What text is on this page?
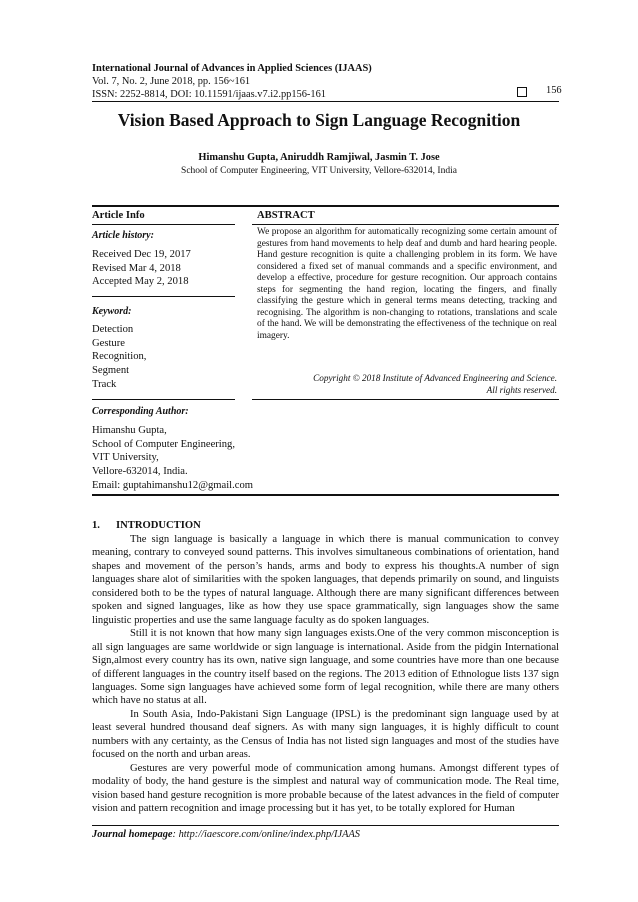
International Journal of Advances in Applied Sciences (IJAAS)
Vol. 7, No. 2, June 2018, pp. 156~161
ISSN: 2252-8814, DOI: 10.11591/ijaas.v7.i2.pp156-161	156
Vision Based Approach to Sign Language Recognition
Himanshu Gupta, Aniruddh Ramjiwal, Jasmin T. Jose
School of Computer Engineering, VIT University, Vellore-632014, India
Article Info
Article history:
Received Dec 19, 2017
Revised Mar 4, 2018
Accepted May 2, 2018
Keyword:
Detection
Gesture
Recognition,
Segment
Track
Corresponding Author:
Himanshu Gupta,
School of Computer Engineering,
VIT University,
Vellore-632014, India.
Email: guptahimanshu12@gmail.com
ABSTRACT
We propose an algorithm for automatically recognizing some certain amount of gestures from hand movements to help deaf and dumb and hard hearing people. Hand gesture recognition is quite a challenging problem in its form. We have considered a fixed set of manual commands and a specific environment, and develop a effective, procedure for gesture recognition. Our approach contains steps for segmenting the hand region, locating the fingers, and finally classifying the gesture which in general terms means detecting, tracking and recognising. The algorithm is non-changing to rotations, translations and scale of the hand. We will be demonstrating the effectiveness of the technique on real imagery.
Copyright © 2018 Institute of Advanced Engineering and Science.
All rights reserved.
1. INTRODUCTION

The sign language is basically a language in which there is manual communication to convey meaning, contrary to conveyed sound patterns. This involves simultaneous combinations of orientation, hand shapes and movement of the person’s hands, arms and body to express his thoughts.A number of sign languages share alot of similarities with the spoken languages, that depends primarily on sound, and linguists considered both to be the types of natural language. Although there are many significant differences between spoken and signed languages, like as how they use space grammatically, sign languages show the same linguistic properties and use the same language faculty as do spoken languages.

Still it is not known that how many sign languages exists.One of the very common misconception is all sign languages are same worldwide or sign language is international. Aside from the pidgin International Sign,almost every country has its own, native sign language, and some countries have more than one because of different languages in the country itself based on the regions. The 2013 edition of Ethnologue lists 137 sign languages. Some sign languages have achieved some form of legal recognition, while there are many others which have no status at all.

In South Asia, Indo-Pakistani Sign Language (IPSL) is the predominant sign language used by at least several hundred thousand deaf signers. As with many sign languages, it is highly difficult to count numbers with any certainty, as the Census of India has not listed sign languages and most of the studies have focused on the north and urban areas.

Gestures are very powerful mode of communication among humans. Amongst different types of modality of body, the hand gesture is the simplest and natural way of communication mode. The Real time, vision based hand gesture recognition is more probable because of the latest advances in the field of computer vision and pattern recognition and image processing but it has yet, to be totally explored for Human

Journal homepage: http://iaescore.com/online/index.php/IJAAS
